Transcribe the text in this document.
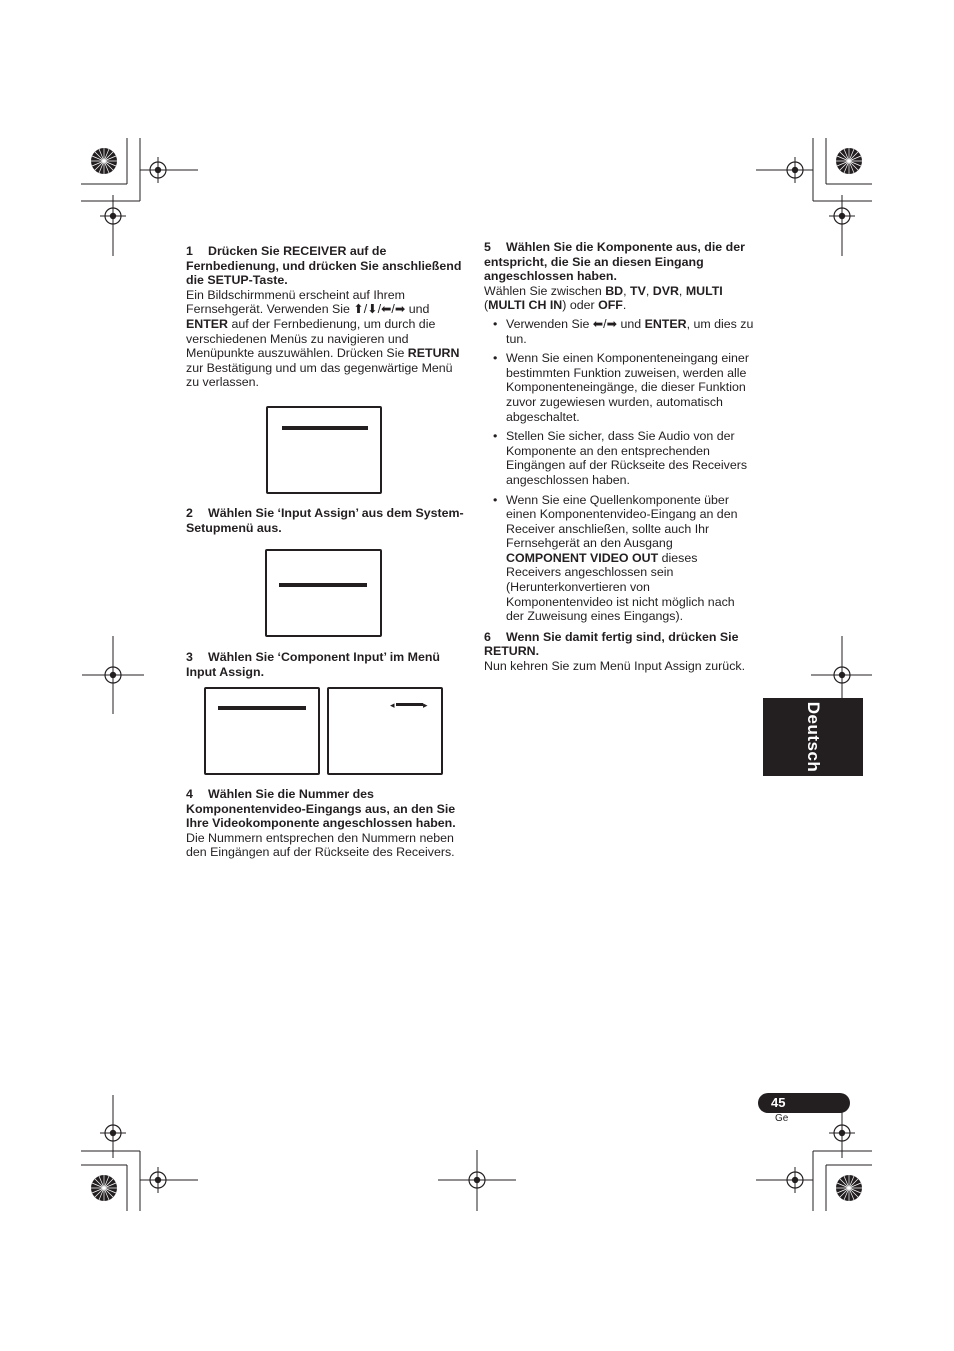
1 Drücken Sie RECEIVER auf de Fernbedienung, und drücken Sie anschließend die SETUP-Taste.

Ein Bildschirmmenü erscheint auf Ihrem Fernsehgerät. Verwenden Sie ⬆/⬇/⬅/➡ und ENTER auf der Fernbedienung, um durch die verschiedenen Menüs zu navigieren und Menüpunkte auszuwählen. Drücken Sie RETURN zur Bestätigung und um das gegenwärtige Menü zu verlassen.

2 Wählen Sie ‘Input Assign’ aus dem System-Setupmenü aus.

3 Wählen Sie ‘Component Input’ im Menü Input Assign.

4 Wählen Sie die Nummer des Komponentenvideo-Eingangs aus, an den Sie Ihre Videokomponente angeschlossen haben.

Die Nummern entsprechen den Nummern neben den Eingängen auf der Rückseite des Receivers.

◂	▸

5 Wählen Sie die Komponente aus, die der entspricht, die Sie an diesen Eingang angeschlossen haben.

Wählen Sie zwischen BD, TV, DVR, MULTI (MULTI CH IN) oder OFF.

• Verwenden Sie ⬅/➡ und ENTER, um dies zu tun.
• Wenn Sie einen Komponenteneingang einer bestimmten Funktion zuweisen, werden alle Komponenteneingänge, die dieser Funktion zuvor zugewiesen wurden, automatisch abgeschaltet.
• Stellen Sie sicher, dass Sie Audio von der Komponente an den entsprechenden Eingängen auf der Rückseite des Receivers angeschlossen haben.
• Wenn Sie eine Quellenkomponente über einen Komponentenvideo-Eingang an den Receiver anschließen, sollte auch Ihr Fernsehgerät an den Ausgang COMPONENT VIDEO OUT dieses Receivers angeschlossen sein (Herunterkonvertieren von Komponentenvideo ist nicht möglich nach der Zuweisung eines Eingangs).

6 Wenn Sie damit fertig sind, drücken Sie RETURN.

Nun kehren Sie zum Menü Input Assign zurück.

Deutsch
45
Ge
